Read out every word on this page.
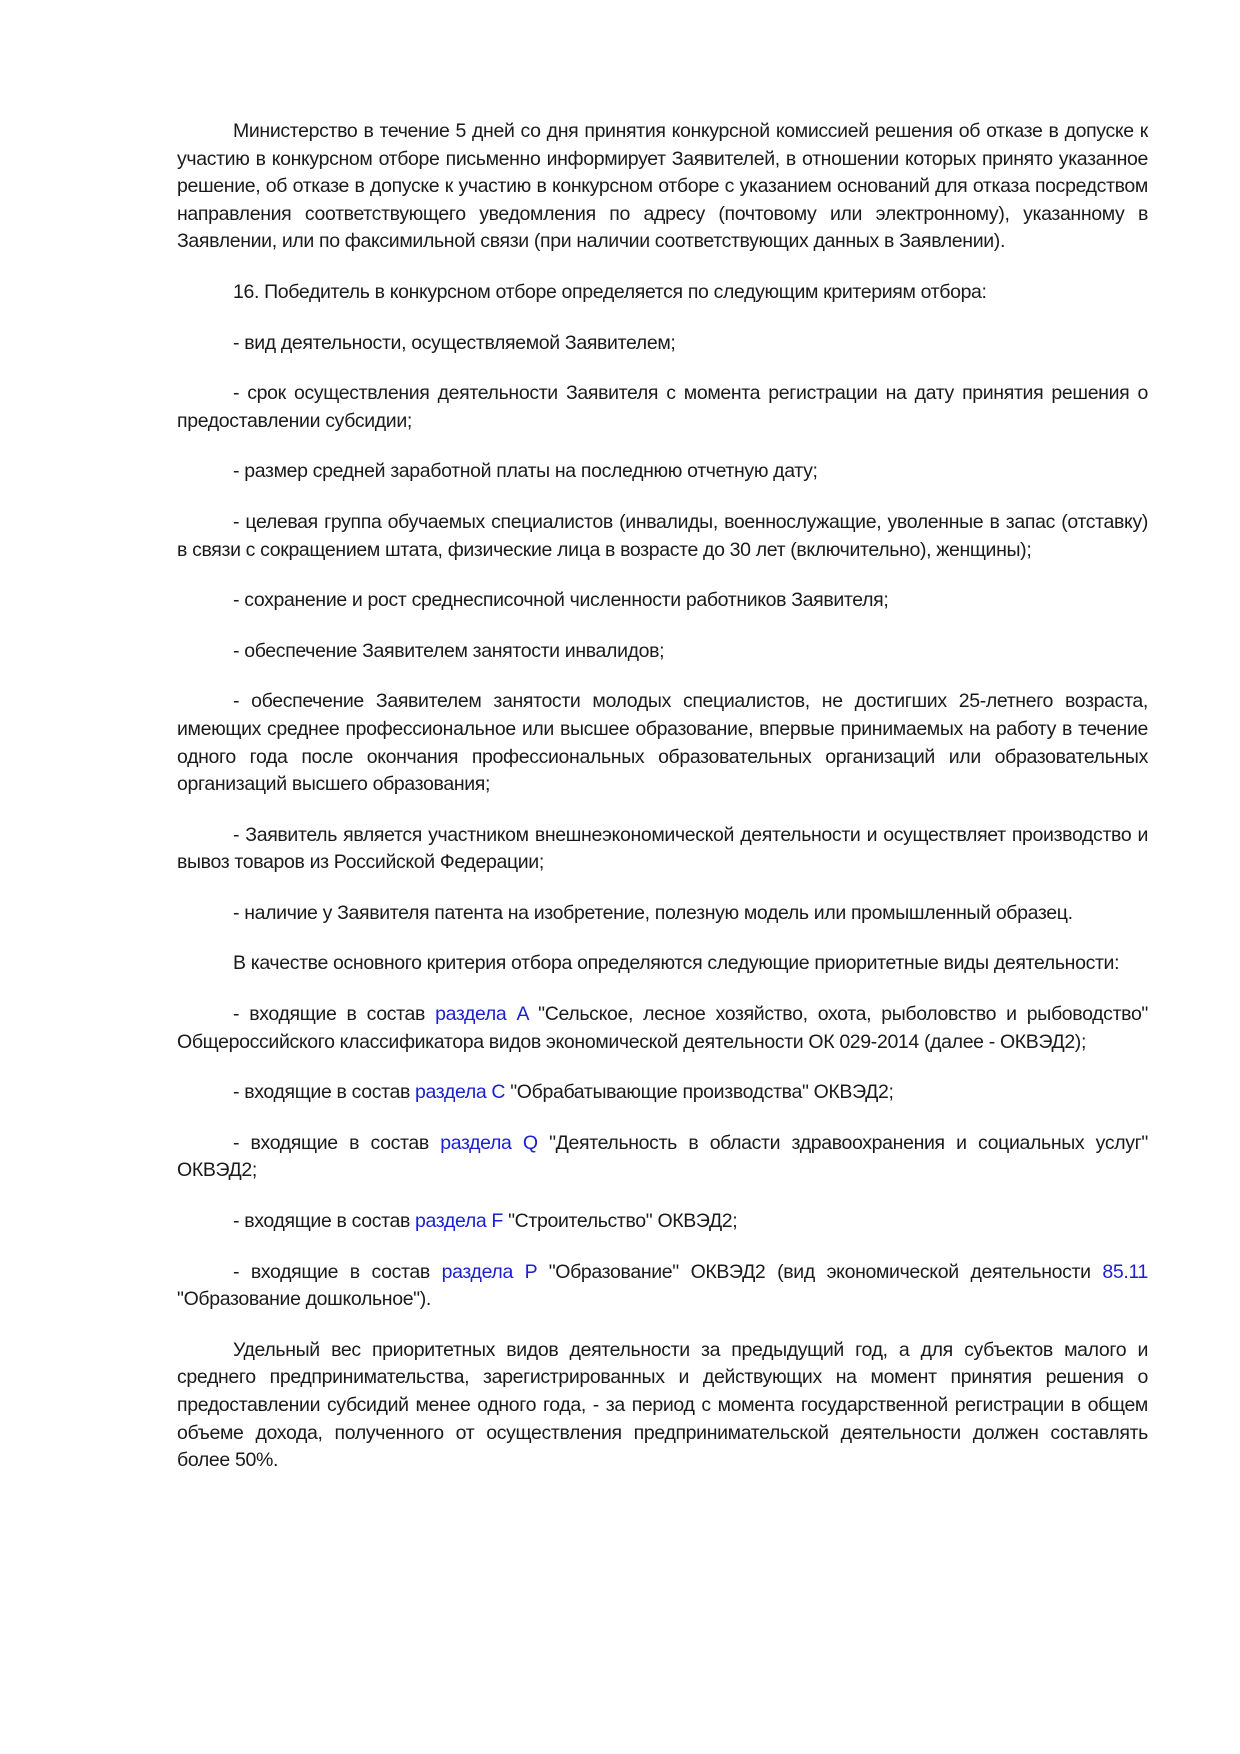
Министерство в течение 5 дней со дня принятия конкурсной комиссией решения об отказе в допуске к участию в конкурсном отборе письменно информирует Заявителей, в отношении которых принято указанное решение, об отказе в допуске к участию в конкурсном отборе с указанием оснований для отказа посредством направления соответствующего уведомления по адресу (почтовому или электронному), указанному в Заявлении, или по факсимильной связи (при наличии соответствующих данных в Заявлении).

16. Победитель в конкурсном отборе определяется по следующим критериям отбора:

- вид деятельности, осуществляемой Заявителем;

- срок осуществления деятельности Заявителя с момента регистрации на дату принятия решения о предоставлении субсидии;

- размер средней заработной платы на последнюю отчетную дату;

- целевая группа обучаемых специалистов (инвалиды, военнослужащие, уволенные в запас (отставку) в связи с сокращением штата, физические лица в возрасте до 30 лет (включительно), женщины);

- сохранение и рост среднесписочной численности работников Заявителя;

- обеспечение Заявителем занятости инвалидов;

- обеспечение Заявителем занятости молодых специалистов, не достигших 25-летнего возраста, имеющих среднее профессиональное или высшее образование, впервые принимаемых на работу в течение одного года после окончания профессиональных образовательных организаций или образовательных организаций высшего образования;

- Заявитель является участником внешнеэкономической деятельности и осуществляет производство и вывоз товаров из Российской Федерации;

- наличие у Заявителя патента на изобретение, полезную модель или промышленный образец.

В качестве основного критерия отбора определяются следующие приоритетные виды деятельности:

- входящие в состав раздела A "Сельское, лесное хозяйство, охота, рыболовство и рыбоводство" Общероссийского классификатора видов экономической деятельности ОК 029-2014 (далее - ОКВЭД2);

- входящие в состав раздела C "Обрабатывающие производства" ОКВЭД2;

- входящие в состав раздела Q "Деятельность в области здравоохранения и социальных услуг" ОКВЭД2;

- входящие в состав раздела F "Строительство" ОКВЭД2;

- входящие в состав раздела P "Образование" ОКВЭД2 (вид экономической деятельности 85.11 "Образование дошкольное").

Удельный вес приоритетных видов деятельности за предыдущий год, а для субъектов малого и среднего предпринимательства, зарегистрированных и действующих на момент принятия решения о предоставлении субсидий менее одного года, - за период с момента государственной регистрации в общем объеме дохода, полученного от осуществления предпринимательской деятельности должен составлять более 50%.
